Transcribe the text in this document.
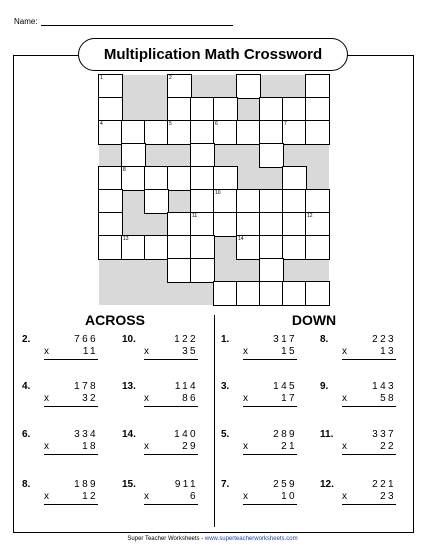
Name:
Multiplication Math Crossword
1	2
4	5	6	7
8
10
11	12
13	14
ACROSS	DOWN
2.	766
x	11
10.	122
x	35
4.	178
x	32
13.	114
x	86
6.	334
x	18
14.	140
x	29
8.	189
x	12
15.	911
x	6
1.	317
x	15
8.	223
x	13
3.	145
x	17
9.	143
x	58
5.	289
x	21
11.	337
x	22
7.	259
x	10
12.	221
x	23
Super Teacher Worksheets - www.superteacherworksheets.com
